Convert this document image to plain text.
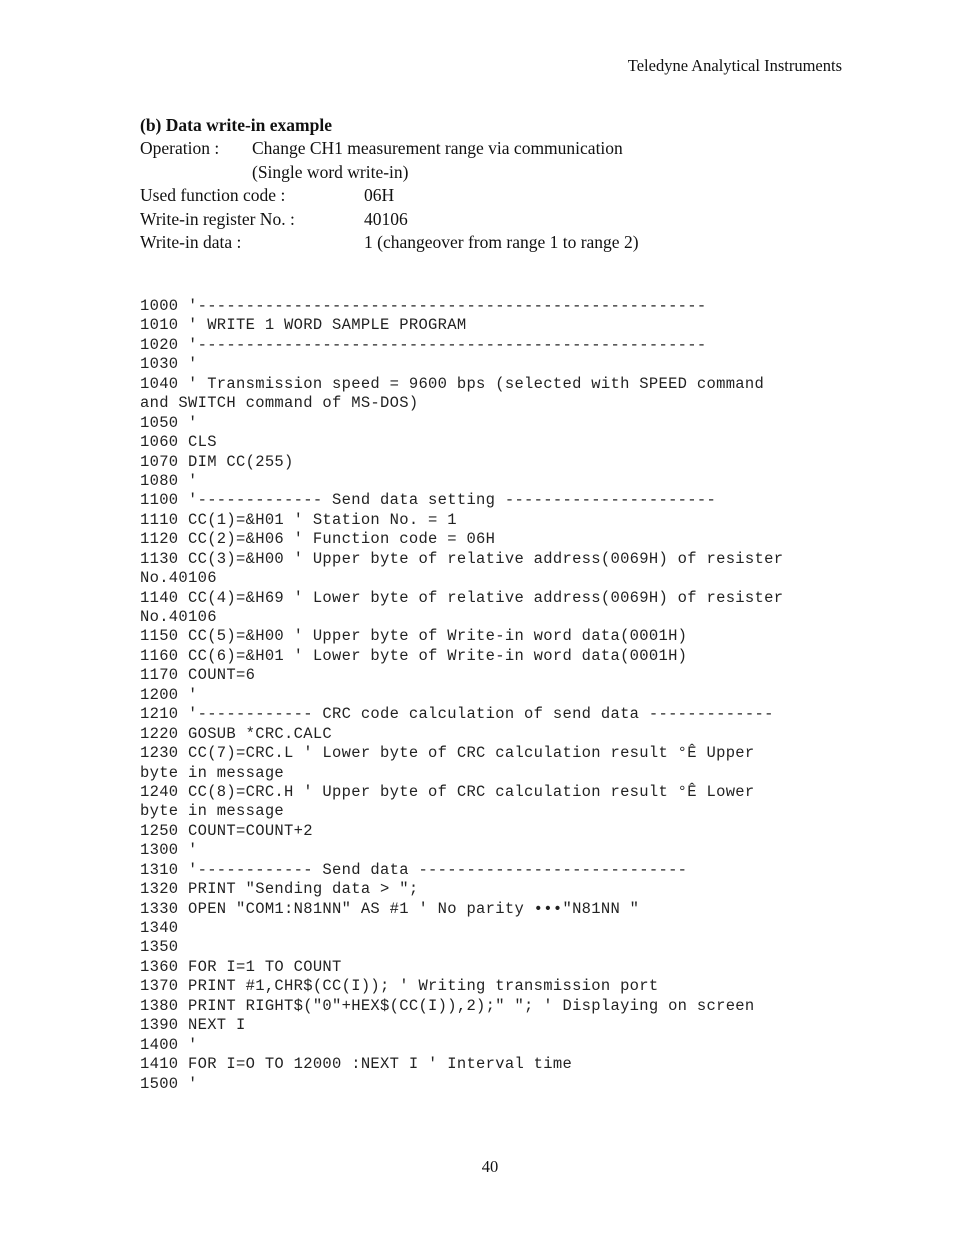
Teledyne Analytical Instruments
(b) Data write-in example
Operation : Change CH1 measurement range via communication
(Single word write-in)
Used function code :	06H
Write-in register No. :	40106
Write-in data :	1 (changeover from range 1 to range 2)
1000 '-----------------------------------------------------
1010 ' WRITE 1 WORD SAMPLE PROGRAM
1020 '-----------------------------------------------------
1030 '
1040 ' Transmission speed = 9600 bps (selected with SPEED command
and SWITCH command of MS-DOS)
1050 '
1060 CLS
1070 DIM CC(255)
1080 '
1100 '------------- Send data setting ----------------------
1110 CC(1)=&H01 ' Station No. = 1
1120 CC(2)=&H06 ' Function code = 06H
1130 CC(3)=&H00 ' Upper byte of relative address(0069H) of resister
No.40106
1140 CC(4)=&H69 ' Lower byte of relative address(0069H) of resister
No.40106
1150 CC(5)=&H00 ' Upper byte of Write-in word data(0001H)
1160 CC(6)=&H01 ' Lower byte of Write-in word data(0001H)
1170 COUNT=6
1200 '
1210 '------------ CRC code calculation of send data -------------
1220 GOSUB *CRC.CALC
1230 CC(7)=CRC.L ' Lower byte of CRC calculation result °Ê Upper
byte in message
1240 CC(8)=CRC.H ' Upper byte of CRC calculation result °Ê Lower
byte in message
1250 COUNT=COUNT+2
1300 '
1310 '------------ Send data ----------------------------
1320 PRINT "Sending data > ";
1330 OPEN "COM1:N81NN" AS #1 ' No parity •••"N81NN "
1340
1350
1360 FOR I=1 TO COUNT
1370 PRINT #1,CHR$(CC(I)); ' Writing transmission port
1380 PRINT RIGHT$("0"+HEX$(CC(I)),2);" "; ' Displaying on screen
1390 NEXT I
1400 '
1410 FOR I=O TO 12000 :NEXT I ' Interval time
1500 '
40
